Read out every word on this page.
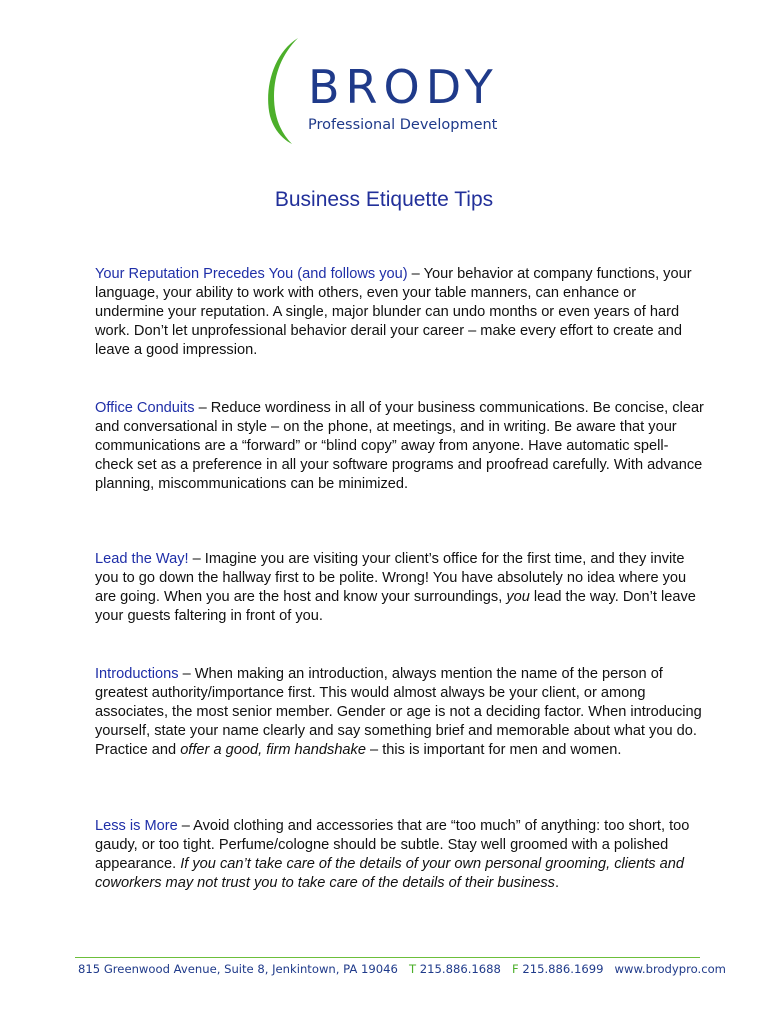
BRODY
Professional Development
Business Etiquette Tips
Your Reputation Precedes You (and follows you) – Your behavior at company functions, your language, your ability to work with others, even your table manners, can enhance or undermine your reputation. A single, major blunder can undo months or even years of hard work. Don’t let unprofessional behavior derail your career – make every effort to create and leave a good impression.
Office Conduits – Reduce wordiness in all of your business communications. Be concise, clear and conversational in style – on the phone, at meetings, and in writing. Be aware that your communications are a “forward” or “blind copy” away from anyone. Have automatic spell-check set as a preference in all your software programs and proofread carefully. With advance planning, miscommunications can be minimized.
Lead the Way! – Imagine you are visiting your client’s office for the first time, and they invite you to go down the hallway first to be polite. Wrong! You have absolutely no idea where you are going. When you are the host and know your surroundings, you lead the way. Don’t leave your guests faltering in front of you.
Introductions – When making an introduction, always mention the name of the person of greatest authority/importance first. This would almost always be your client, or among associates, the most senior member. Gender or age is not a deciding factor. When introducing yourself, state your name clearly and say something brief and memorable about what you do. Practice and offer a good, firm handshake – this is important for men and women.
Less is More – Avoid clothing and accessories that are “too much” of anything: too short, too gaudy, or too tight. Perfume/cologne should be subtle. Stay well groomed with a polished appearance. If you can’t take care of the details of your own personal grooming, clients and coworkers may not trust you to take care of the details of their business.
815 Greenwood Avenue, Suite 8, Jenkintown, PA 19046 T 215.886.1688 F 215.886.1699 www.brodypro.com
